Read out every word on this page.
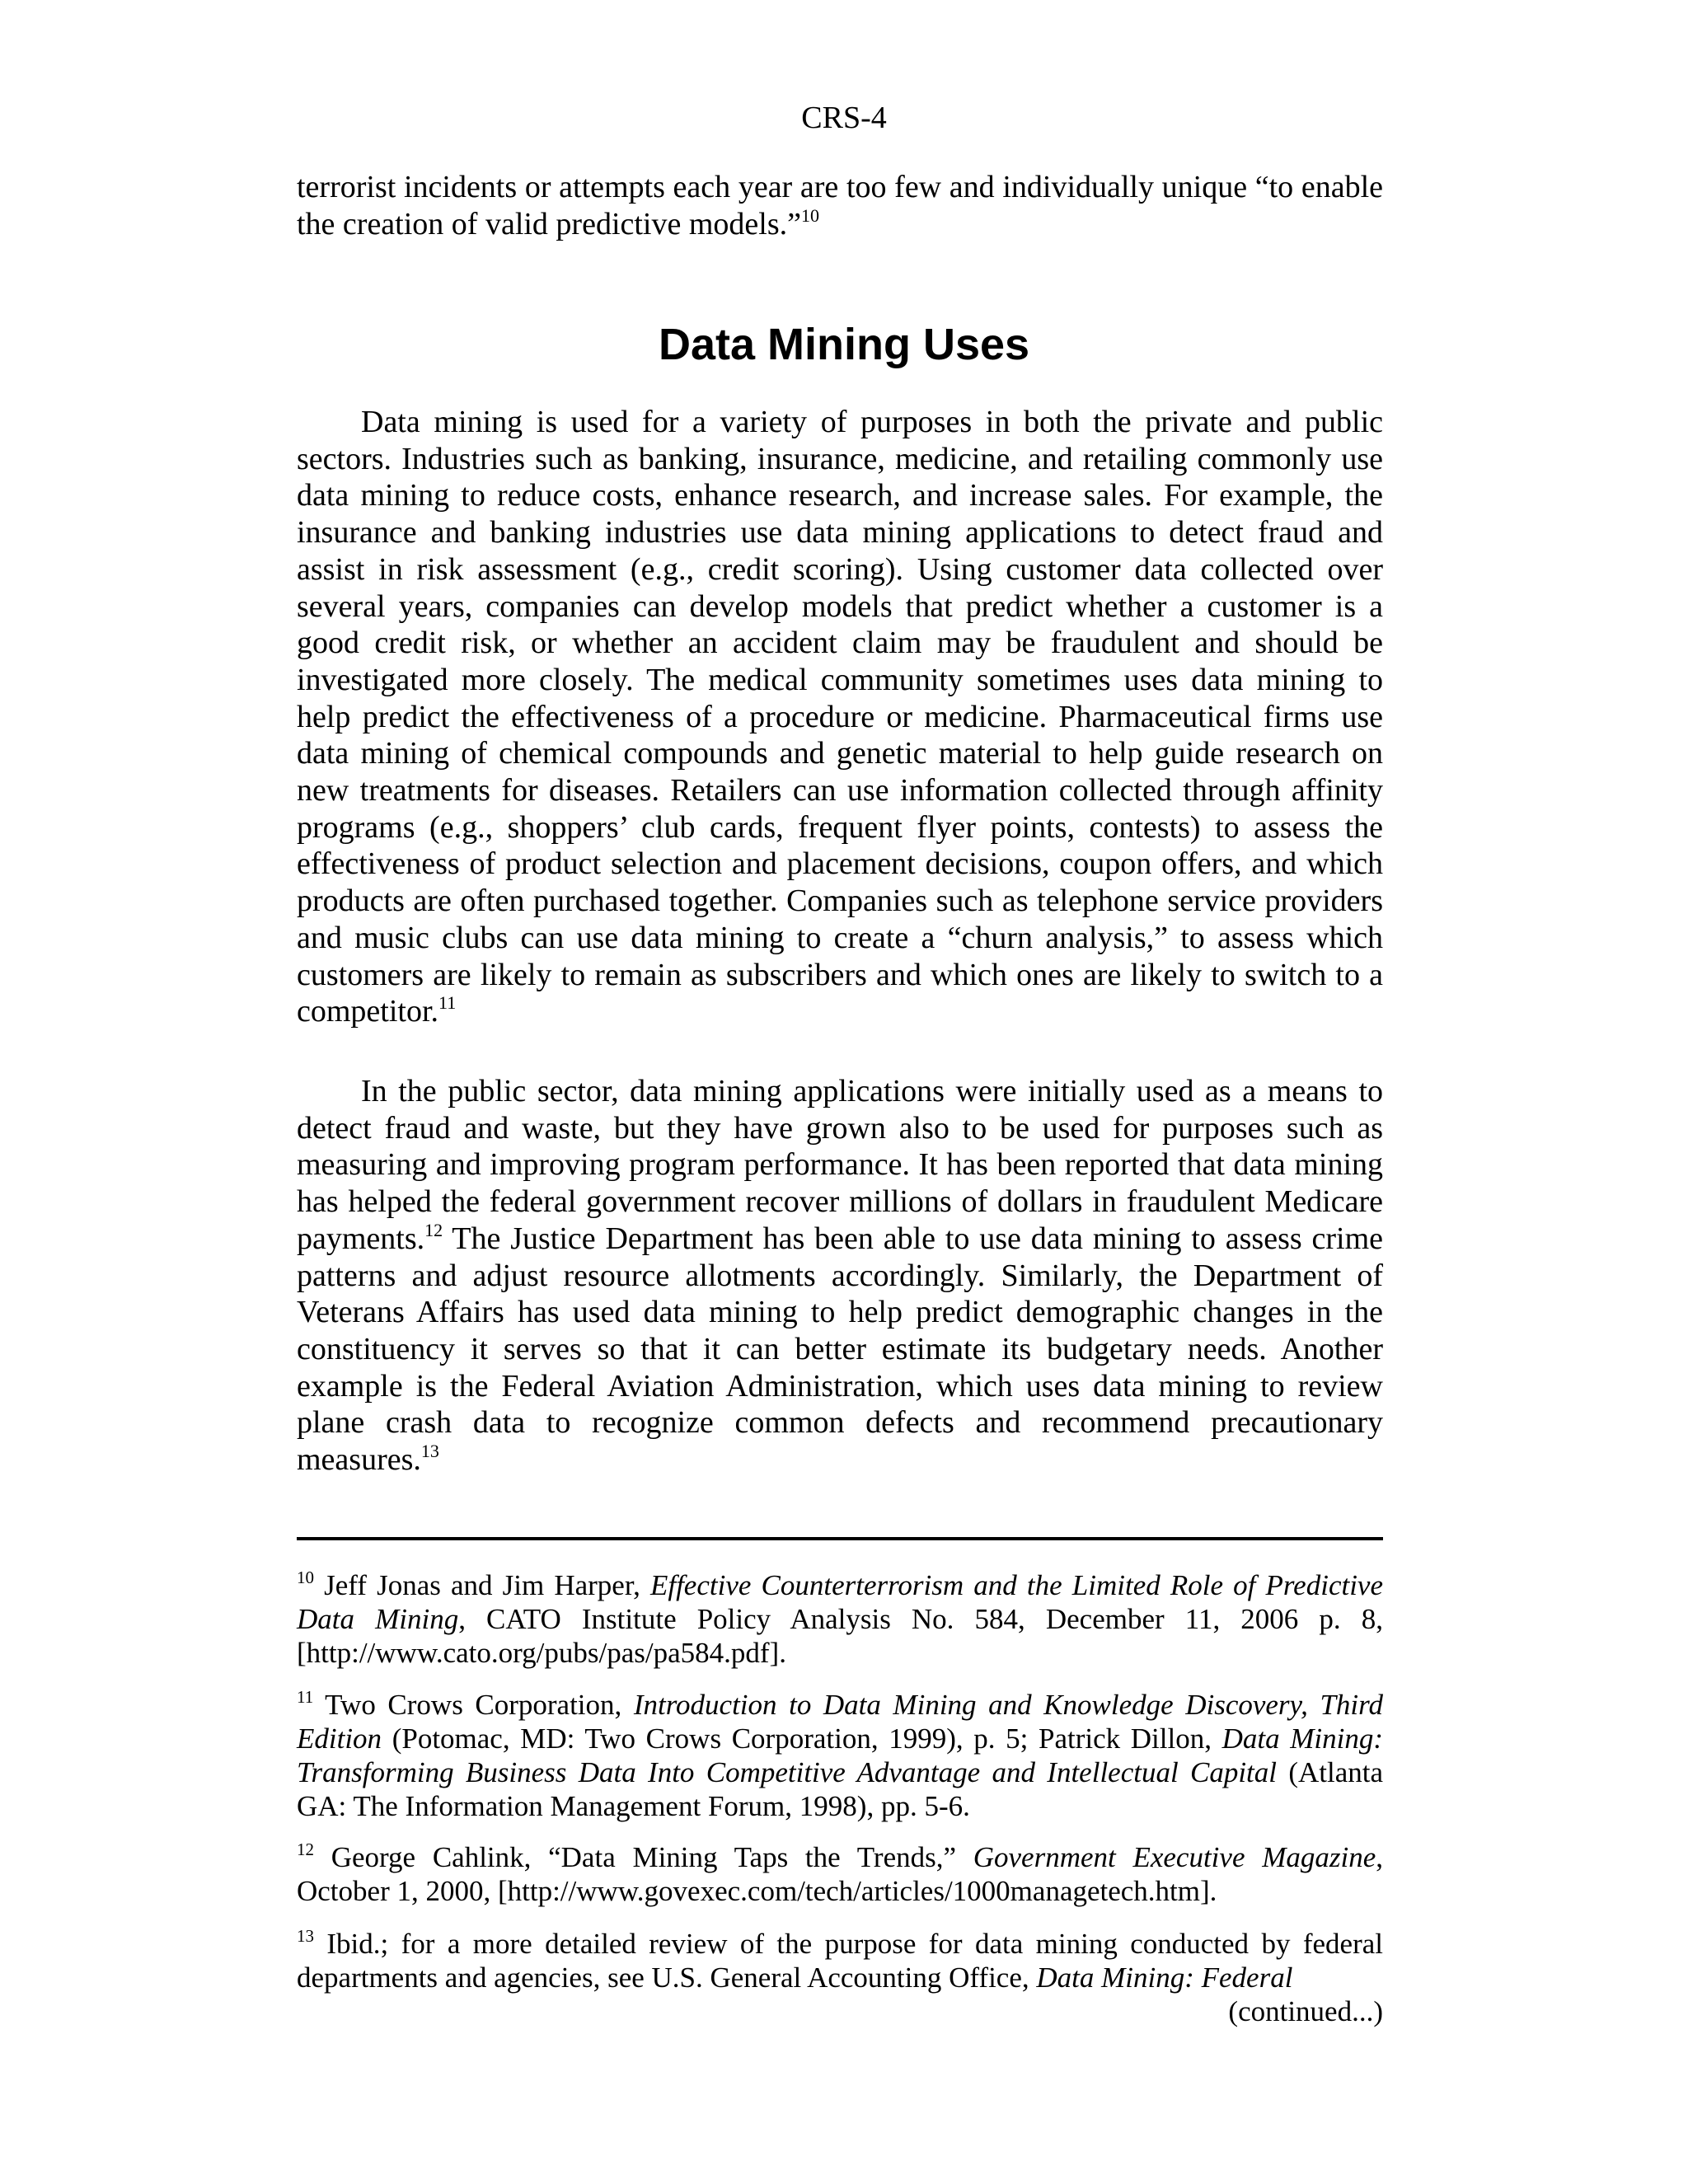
CRS-4

terrorist incidents or attempts each year are too few and individually unique “to enable the creation of valid predictive models.”$^{10}$

Data Mining Uses

Data mining is used for a variety of purposes in both the private and public sectors. Industries such as banking, insurance, medicine, and retailing commonly use data mining to reduce costs, enhance research, and increase sales. For example, the insurance and banking industries use data mining applications to detect fraud and assist in risk assessment (e.g., credit scoring). Using customer data collected over several years, companies can develop models that predict whether a customer is a good credit risk, or whether an accident claim may be fraudulent and should be investigated more closely. The medical community sometimes uses data mining to help predict the effectiveness of a procedure or medicine. Pharmaceutical firms use data mining of chemical compounds and genetic material to help guide research on new treatments for diseases. Retailers can use information collected through affinity programs (e.g., shoppers’ club cards, frequent flyer points, contests) to assess the effectiveness of product selection and placement decisions, coupon offers, and which products are often purchased together. Companies such as telephone service providers and music clubs can use data mining to create a “churn analysis,” to assess which customers are likely to remain as subscribers and which ones are likely to switch to a competitor.$^{11}$

In the public sector, data mining applications were initially used as a means to detect fraud and waste, but they have grown also to be used for purposes such as measuring and improving program performance. It has been reported that data mining has helped the federal government recover millions of dollars in fraudulent Medicare payments.$^{12}$ The Justice Department has been able to use data mining to assess crime patterns and adjust resource allotments accordingly. Similarly, the Department of Veterans Affairs has used data mining to help predict demographic changes in the constituency it serves so that it can better estimate its budgetary needs. Another example is the Federal Aviation Administration, which uses data mining to review plane crash data to recognize common defects and recommend precautionary measures.$^{13}$

$^{10}$ Jeff Jonas and Jim Harper, Effective Counterterrorism and the Limited Role of Predictive Data Mining, CATO Institute Policy Analysis No. 584, December 11, 2006 p. 8, [http://www.cato.org/pubs/pas/pa584.pdf].

$^{11}$ Two Crows Corporation, Introduction to Data Mining and Knowledge Discovery, Third Edition (Potomac, MD: Two Crows Corporation, 1999), p. 5; Patrick Dillon, Data Mining: Transforming Business Data Into Competitive Advantage and Intellectual Capital (Atlanta GA: The Information Management Forum, 1998), pp. 5-6.

$^{12}$ George Cahlink, “Data Mining Taps the Trends,” Government Executive Magazine, October 1, 2000, [http://www.govexec.com/tech/articles/1000managetech.htm].

$^{13}$ Ibid.; for a more detailed review of the purpose for data mining conducted by federal departments and agencies, see U.S. General Accounting Office, Data Mining: Federal

(continued...)
